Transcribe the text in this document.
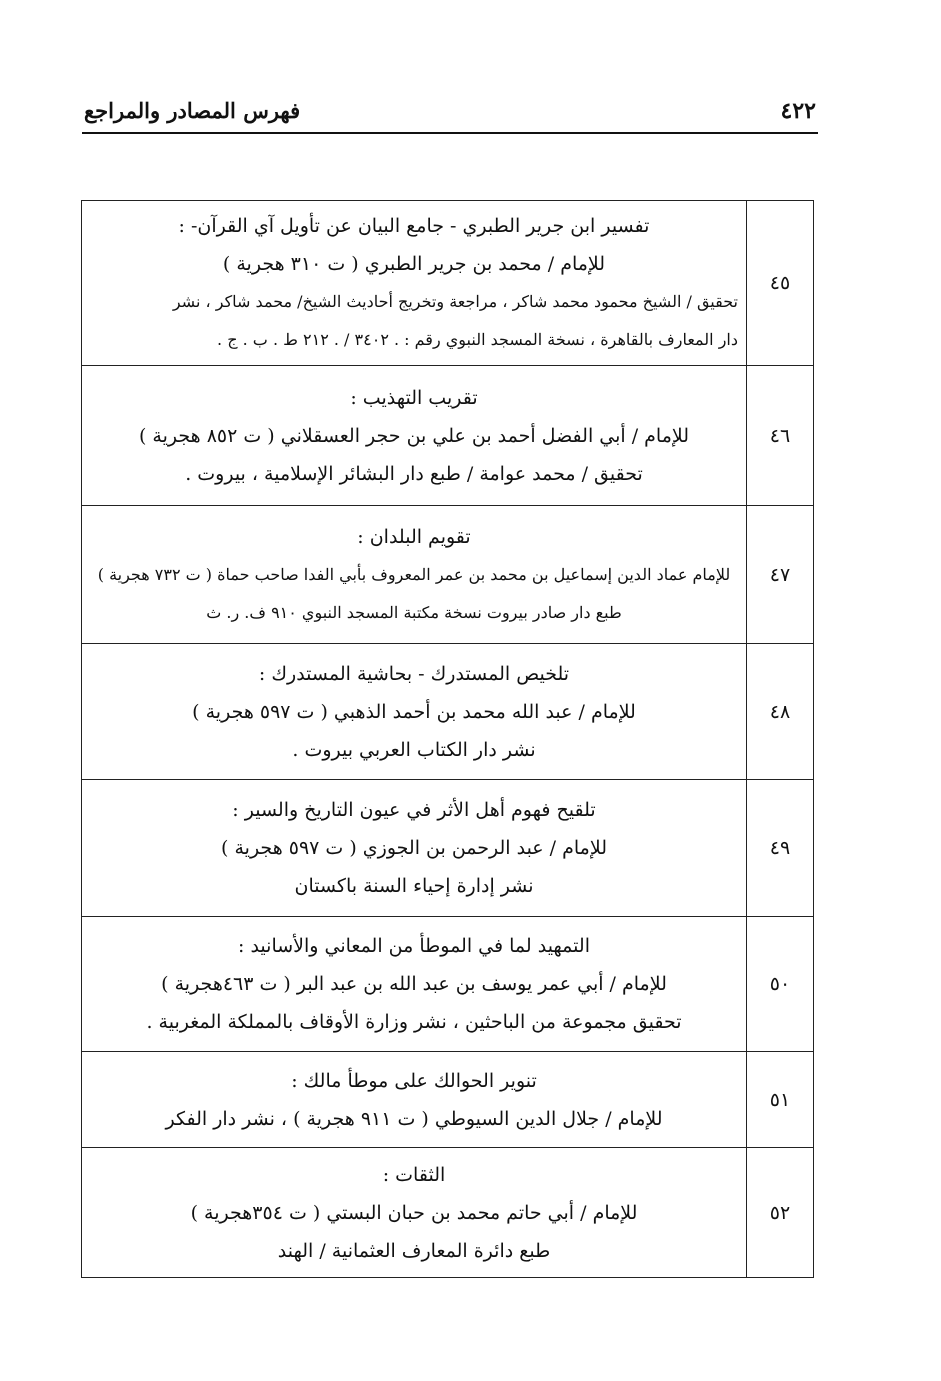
٤٢٢
فهرس المصادر والمراجع
٤٥	تفسير ابن جرير الطبري - جامع البيان عن تأويل آي القرآن- :
للإمام / محمد بن جرير الطبري ( ت ٣١٠ هجرية )
تحقيق / الشيخ محمود محمد شاكر ، مراجعة وتخريج أحاديث الشيخ/ محمد شاكر ، نشر
دار المعارف بالقاهرة ، نسخة المسجد النبوي رقم : . ٣٤٠٢ / . ٢١٢ ط . ب . ج .

٤٦	تقريب التهذيب :
للإمام / أبي الفضل أحمد بن علي بن حجر العسقلاني ( ت ٨٥٢ هجرية )
تحقيق / محمد عوامة / طبع دار البشائر الإسلامية ، بيروت .

٤٧	تقويم البلدان :
للإمام عماد الدين إسماعيل بن محمد بن عمر المعروف بأبي الفدا صاحب حماة ( ت ٧٣٢ هجرية )
طبع دار صادر بيروت نسخة مكتبة المسجد النبوي ٩١٠ ف. ر. ث

٤٨	تلخيص المستدرك - بحاشية المستدرك :
للإمام / عبد الله محمد بن أحمد الذهبي ( ت ٥٩٧ هجرية )
نشر دار الكتاب العربي بيروت .

٤٩	تلقيح فهوم أهل الأثر في عيون التاريخ والسير :
للإمام / عبد الرحمن بن الجوزي ( ت ٥٩٧ هجرية )
نشر إدارة إحياء السنة باكستان

٥٠	التمهيد لما في الموطأ من المعاني والأسانيد :
للإمام / أبي عمر يوسف بن عبد الله بن عبد البر ( ت ٤٦٣هجرية )
تحقيق مجموعة من الباحثين ، نشر وزارة الأوقاف بالمملكة المغربية .

٥١	تنوير الحوالك على موطأ مالك :
للإمام / جلال الدين السيوطي ( ت ٩١١ هجرية ) ، نشر دار الفكر

٥٢	الثقات :
للإمام / أبي حاتم محمد بن حبان البستي ( ت ٣٥٤هجرية )
طبع دائرة المعارف العثمانية / الهند
